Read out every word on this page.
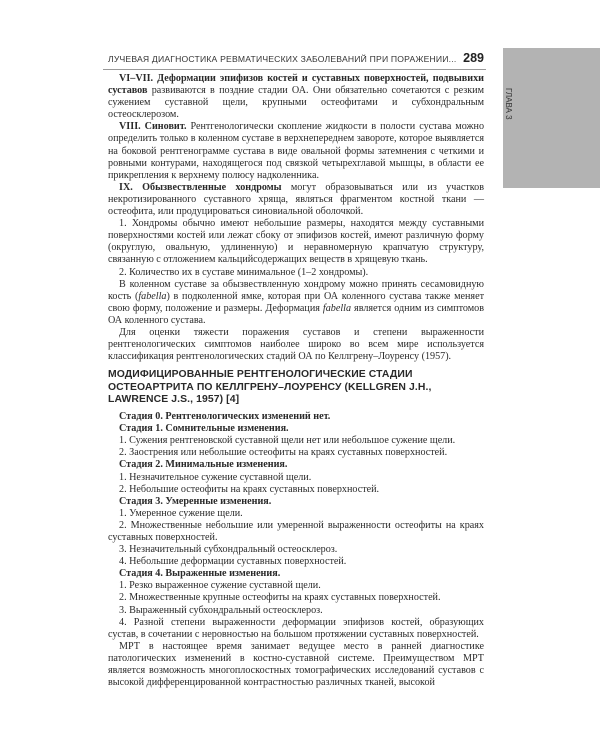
ГЛАВА 3
ЛУЧЕВАЯ ДИАГНОСТИКА РЕВМАТИЧЕСКИХ ЗАБОЛЕВАНИЙ ПРИ ПОРАЖЕНИИ... 289

VI–VII. Деформации эпифизов костей и суставных поверхностей, подвывихи суставов развиваются в поздние стадии ОА. Они обязательно сочетаются с резким сужением суставной щели, крупными остеофитами и субхондральным остеосклерозом.

VIII. Синовит. Рентгенологически скопление жидкости в полости сустава можно определить только в коленном суставе в верхнепереднем завороте, которое выявляется на боковой рентгенограмме сустава в виде овальной формы затемнения с четкими и ровными контурами, находящегося под связкой четырехглавой мышцы, в области ее прикрепления к верхнему полюсу надколенника.

IX. Обызвествленные хондромы могут образовываться или из участков некротизированного суставного хряща, являться фрагментом костной ткани — остеофита, или продуцироваться синовиальной оболочкой.

1. Хондромы обычно имеют небольшие размеры, находятся между суставными поверхностями костей или лежат сбоку от эпифизов костей, имеют различную форму (округлую, овальную, удлиненную) и неравномерную крапчатую структуру, связанную с отложением кальцийсодержащих веществ в хрящевую ткань.

2. Количество их в суставе минимальное (1–2 хондромы).

В коленном суставе за обызвествленную хондрому можно принять сесамовидную кость (fabella) в подколенной ямке, которая при ОА коленного сустава также меняет свою форму, положение и размеры. Деформация fabella является одним из симптомов ОА коленного сустава.

Для оценки тяжести поражения суставов и степени выраженности рентгенологических симптомов наиболее широко во всем мире используется классификация рентгенологических стадий ОА по Келлгрену–Лоуренсу (1957).

МОДИФИЦИРОВАННЫЕ РЕНТГЕНОЛОГИЧЕСКИЕ СТАДИИ ОСТЕОАРТРИТА ПО КЕЛЛГРЕНУ–ЛОУРЕНСУ (KELLGREN J.H., LAWRENCE J.S., 1957) [4]

Стадия 0. Рентгенологических изменений нет.

Стадия 1. Сомнительные изменения.

1. Сужения рентгеновской суставной щели нет или небольшое сужение щели.

2. Заострения или небольшие остеофиты на краях суставных поверхностей.

Стадия 2. Минимальные изменения.

1. Незначительное сужение суставной щели.

2. Небольшие остеофиты на краях суставных поверхностей.

Стадия 3. Умеренные изменения.

1. Умеренное сужение щели.

2. Множественные небольшие или умеренной выраженности остеофиты на краях суставных поверхностей.

3. Незначительный субхондральный остеосклероз.

4. Небольшие деформации суставных поверхностей.

Стадия 4. Выраженные изменения.

1. Резко выраженное сужение суставной щели.

2. Множественные крупные остеофиты на краях суставных поверхностей.

3. Выраженный субхондральный остеосклероз.

4. Разной степени выраженности деформации эпифизов костей, образующих сустав, в сочетании с неровностью на большом протяжении суставных поверхностей.

МРТ в настоящее время занимает ведущее место в ранней диагностике патологических изменений в костно-суставной системе. Преимуществом МРТ является возможность многоплоскостных томографических исследований суставов с высокой дифференцированной контрастностью различных тканей, высокой
